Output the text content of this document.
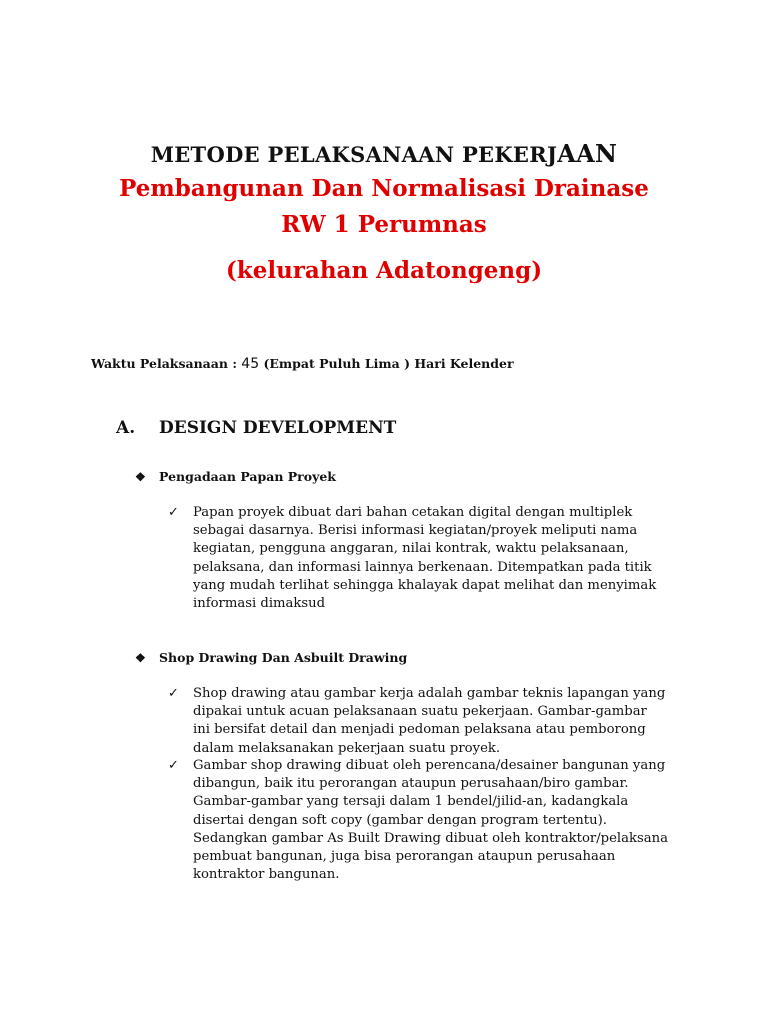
METODE PELAKSANAAN PEKERJAAN
Pembangunan Dan Normalisasi Drainase
RW 1 Perumnas
(kelurahan Adatongeng)
Waktu Pelaksanaan : 45 (Empat Puluh Lima ) Hari Kelender
A. DESIGN DEVELOPMENT
❖ Pengadaan Papan Proyek
✓	Papan proyek dibuat dari bahan cetakan digital dengan multiplek
sebagai dasarnya. Berisi informasi kegiatan/proyek meliputi nama
kegiatan, pengguna anggaran, nilai kontrak, waktu pelaksanaan,
pelaksana, dan informasi lainnya berkenaan. Ditempatkan pada titik
yang mudah terlihat sehingga khalayak dapat melihat dan menyimak
informasi dimaksud
❖ Shop Drawing Dan Asbuilt Drawing
✓	Shop drawing atau gambar kerja adalah gambar teknis lapangan yang
dipakai untuk acuan pelaksanaan suatu pekerjaan. Gambar-gambar
ini bersifat detail dan menjadi pedoman pelaksana atau pemborong
dalam melaksanakan pekerjaan suatu proyek.
✓	Gambar shop drawing dibuat oleh perencana/desainer bangunan yang
dibangun, baik itu perorangan ataupun perusahaan/biro gambar.
Gambar-gambar yang tersaji dalam 1 bendel/jilid-an, kadangkala
disertai dengan soft copy (gambar dengan program tertentu).
Sedangkan gambar As Built Drawing dibuat oleh kontraktor/pelaksana
pembuat bangunan, juga bisa perorangan ataupun perusahaan
kontraktor bangunan.
